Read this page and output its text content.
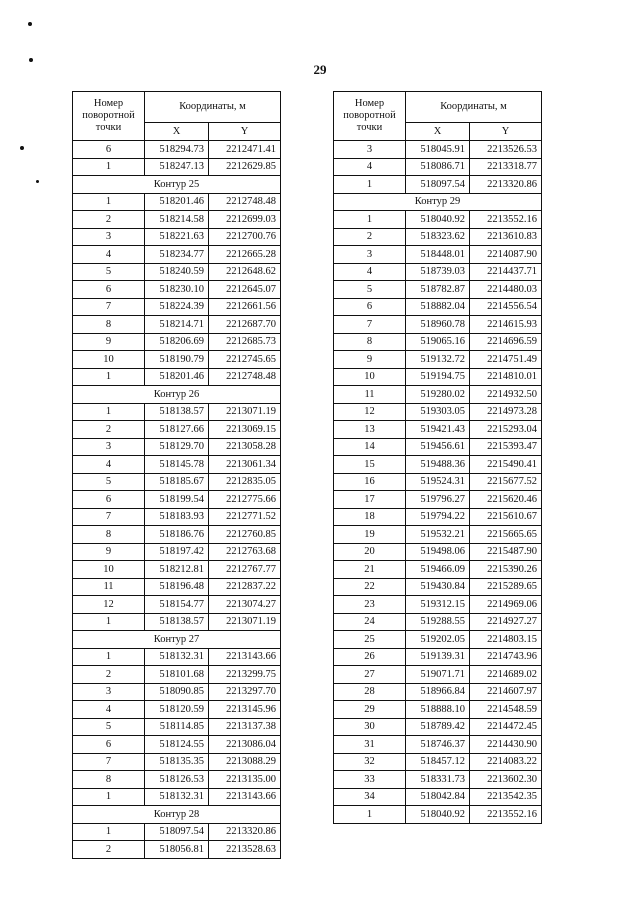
29
Номер поворотной точки	Координаты, м	
	X	Y
6	518294.73	2212471.41
1	518247.13	2212629.85
Контур 25		
1	518201.46	2212748.48
2	518214.58	2212699.03
3	518221.63	2212700.76
4	518234.77	2212665.28
5	518240.59	2212648.62
6	518230.10	2212645.07
7	518224.39	2212661.56
8	518214.71	2212687.70
9	518206.69	2212685.73
10	518190.79	2212745.65
1	518201.46	2212748.48
Контур 26		
1	518138.57	2213071.19
2	518127.66	2213069.15
3	518129.70	2213058.28
4	518145.78	2213061.34
5	518185.67	2212835.05
6	518199.54	2212775.66
7	518183.93	2212771.52
8	518186.76	2212760.85
9	518197.42	2212763.68
10	518212.81	2212767.77
11	518196.48	2212837.22
12	518154.77	2213074.27
1	518138.57	2213071.19
Контур 27		
1	518132.31	2213143.66
2	518101.68	2213299.75
3	518090.85	2213297.70
4	518120.59	2213145.96
5	518114.85	2213137.38
6	518124.55	2213086.04
7	518135.35	2213088.29
8	518126.53	2213135.00
1	518132.31	2213143.66
Контур 28		
1	518097.54	2213320.86
2	518056.81	2213528.63
Номер поворотной точки	Координаты, м	
	X	Y
3	518045.91	2213526.53
4	518086.71	2213318.77
1	518097.54	2213320.86
Контур 29		
1	518040.92	2213552.16
2	518323.62	2213610.83
3	518448.01	2214087.90
4	518739.03	2214437.71
5	518782.87	2214480.03
6	518882.04	2214556.54
7	518960.78	2214615.93
8	519065.16	2214696.59
9	519132.72	2214751.49
10	519194.75	2214810.01
11	519280.02	2214932.50
12	519303.05	2214973.28
13	519421.43	2215293.04
14	519456.61	2215393.47
15	519488.36	2215490.41
16	519524.31	2215677.52
17	519796.27	2215620.46
18	519794.22	2215610.67
19	519532.21	2215665.65
20	519498.06	2215487.90
21	519466.09	2215390.26
22	519430.84	2215289.65
23	519312.15	2214969.06
24	519288.55	2214927.27
25	519202.05	2214803.15
26	519139.31	2214743.96
27	519071.71	2214689.02
28	518966.84	2214607.97
29	518888.10	2214548.59
30	518789.42	2214472.45
31	518746.37	2214430.90
32	518457.12	2214083.22
33	518331.73	2213602.30
34	518042.84	2213542.35
1	518040.92	2213552.16
